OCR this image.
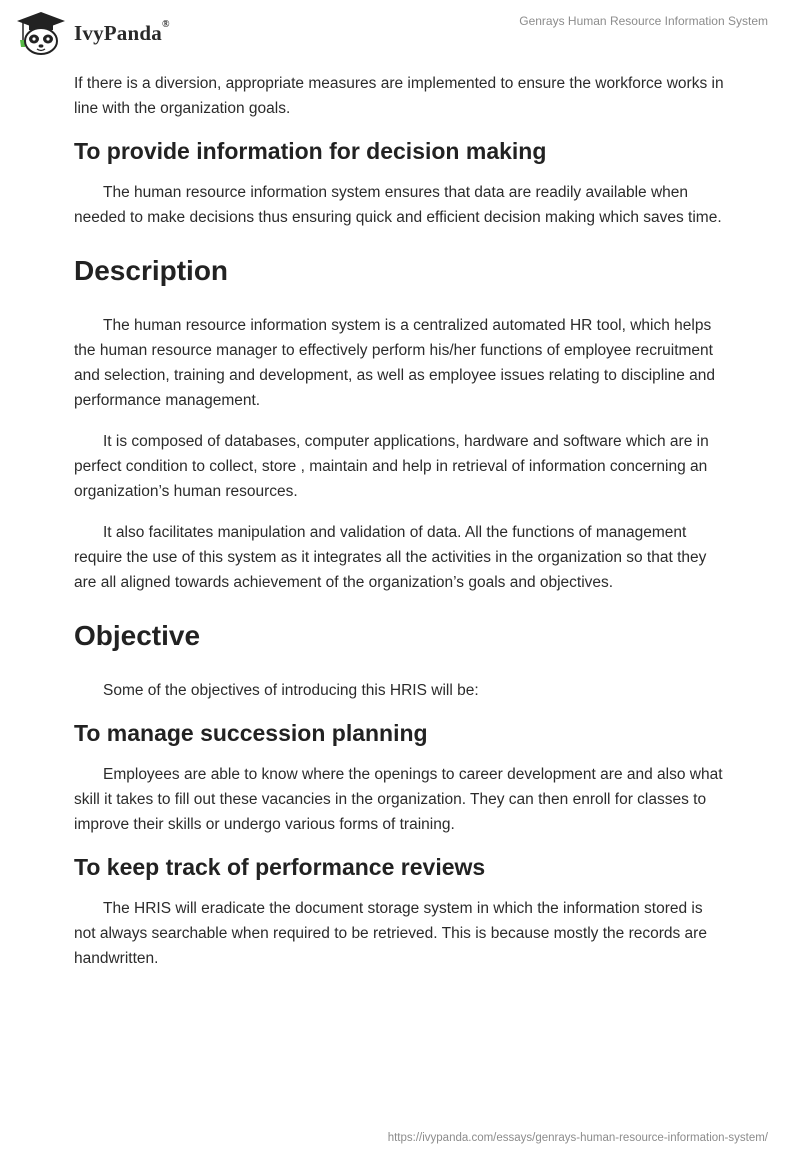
IvyPanda®	Genrays Human Resource Information System

If there is a diversion, appropriate measures are implemented to ensure the workforce works in line with the organization goals.

To provide information for decision making

The human resource information system ensures that data are readily available when needed to make decisions thus ensuring quick and efficient decision making which saves time.

Description

The human resource information system is a centralized automated HR tool, which helps the human resource manager to effectively perform his/her functions of employee recruitment and selection, training and development, as well as employee issues relating to discipline and performance management.

It is composed of databases, computer applications, hardware and software which are in perfect condition to collect, store , maintain and help in retrieval of information concerning an organization’s human resources.

It also facilitates manipulation and validation of data. All the functions of management require the use of this system as it integrates all the activities in the organization so that they are all aligned towards achievement of the organization’s goals and objectives.

Objective

Some of the objectives of introducing this HRIS will be:

To manage succession planning

Employees are able to know where the openings to career development are and also what skill it takes to fill out these vacancies in the organization. They can then enroll for classes to improve their skills or undergo various forms of training.

To keep track of performance reviews

The HRIS will eradicate the document storage system in which the information stored is not always searchable when required to be retrieved. This is because mostly the records are handwritten.

https://ivypanda.com/essays/genrays-human-resource-information-system/
